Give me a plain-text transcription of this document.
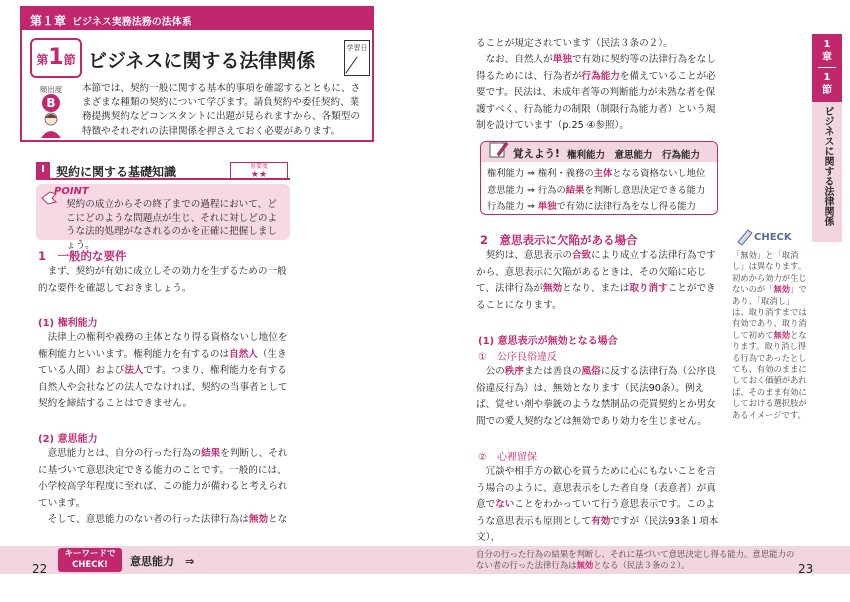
第１章 ビジネス実務法務の法体系
第1節 ビジネスに関する法律関係
学習日
頻出度
B
本節では、契約一般に関する基本的事項を確認するとともに、さまざまな種類の契約について学びます。請負契約や委任契約、業務提携契約などコンスタントに出題が見られますから、各類型の特徴やそれぞれの法律関係を押さえておく必要があります。
Ⅰ 契約に関する基礎知識	重要度
★★
POINT
契約の成立からその終了までの過程において、どこにどのような問題点が生じ、それに対しどのような法的処理がなされるのかを正確に把握しましょう。
1　一般的な要件
まず、契約が有効に成立しその効力を生ずるための一般的な要件を確認しておきましょう。
(1) 権利能力
法律上の権利や義務の主体となり得る資格ないし地位を権利能力といいます。権利能力を有するのは自然人（生きている人間）および法人です。つまり、権利能力を有する自然人や会社などの法人でなければ、契約の当事者として契約を締結することはできません。
(2) 意思能力
意思能力とは、自分の行った行為の結果を判断し、それに基づいて意思決定できる能力のことです。一般的には、小学校高学年程度に至れば、この能力が備わると考えられています。
そして、意思能力のない者の行った法律行為は無効とな
ることが規定されています（民法３条の２）。
なお、自然人が単独で有効に契約等の法律行為をなし得るためには、行為者が行為能力を備えていることが必要です。民法は、未成年者等の判断能力が未熟な者を保護すべく、行為能力の制限（制限行為能力者）という規制を設けています（p.25 ④参照）。
覚えよう! 権利能力　意思能力　行為能力
権利能力 ⇒ 権利・義務の主体となる資格ないし地位
意思能力 ⇒ 行為の結果を判断し意思決定できる能力
行為能力 ⇒ 単独で有効に法律行為をなし得る能力
2　意思表示に欠陥がある場合
契約は、意思表示の合致により成立する法律行為ですから、意思表示に欠陥があるときは、その欠陥に応じて、法律行為が無効となり、または取り消すことができることになります。
(1) 意思表示が無効となる場合
①　公序良俗違反
公の秩序または善良の風俗に反する法律行為（公序良俗違反行為）は、無効となります（民法90条）。例えば、覚せい剤や拳銃のような禁制品の売買契約とか男女間での愛人契約などは無効であり効力を生じません。
②　心裡留保
冗談や相手方の歓心を買うために心にもないことを言う場合のように、意思表示をした者自身（表意者）が真意でないことをわかっていて行う意思表示です。このような意思表示も原則として有効ですが（民法93条１項本文）、
CHECK
「無効」と「取消し」は異なります。初めから効力が生じないのが「無効」であり、「取消し」は、取り消すまでは有効であり、取り消して初めて無効となります。取り消し得る行為であったとしても、有効のままにしておく価値があれば、そのまま有効にしておける選択肢があるイメージです。
1
章
1
節
ビジネスに関する法律関係
キーワードで
CHECK!	意思能力　⇒
自分の行った行為の結果を判断し、それに基づいて意思決定し得る能力。意思能力のない者の行った法律行為は無効となる（民法３条の２）。
22	23
